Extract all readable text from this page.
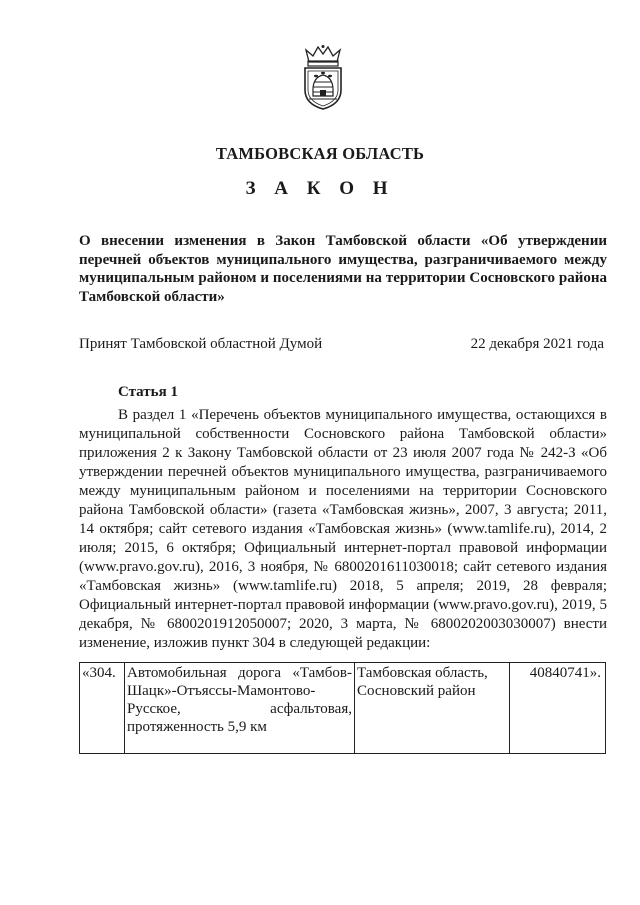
ТАМБОВСКАЯ ОБЛАСТЬ
З А К О Н
О внесении изменения в Закон Тамбовской области «Об утверждении перечней объектов муниципального имущества, разграничиваемого между муниципальным районом и поселениями на территории Сосновского района Тамбовской области»
Принят Тамбовской областной Думой	22 декабря 2021 года
Статья 1
В раздел 1 «Перечень объектов муниципального имущества, остающихся в муниципальной собственности Сосновского района Тамбовской области» приложения 2 к Закону Тамбовской области от 23 июля 2007 года № 242-З «Об утверждении перечней объектов муниципального имущества, разграничиваемого между муниципальным районом и поселениями на территории Сосновского района Тамбовской области» (газета «Тамбовская жизнь», 2007, 3 августа; 2011, 14 октября; сайт сетевого издания «Тамбовская жизнь» (www.tamlife.ru), 2014, 2 июля; 2015, 6 октября; Официальный интернет-портал правовой информации (www.pravo.gov.ru), 2016, 3 ноября, № 6800201611030018; сайт сетевого издания «Тамбовская жизнь» (www.tamlife.ru) 2018, 5 апреля; 2019, 28 февраля; Официальный интернет-портал правовой информации (www.pravo.gov.ru), 2019, 5 декабря, № 6800201912050007; 2020, 3 марта, № 6800202003030007) внести изменение, изложив пункт 304 в следующей редакции:
«304.	Автомобильная дорога «Тамбов-Шацк»-Отъяссы-Мамонтово-Русское, асфальтовая, протяженность 5,9 км	Тамбовская область, Сосновский район	40840741».
